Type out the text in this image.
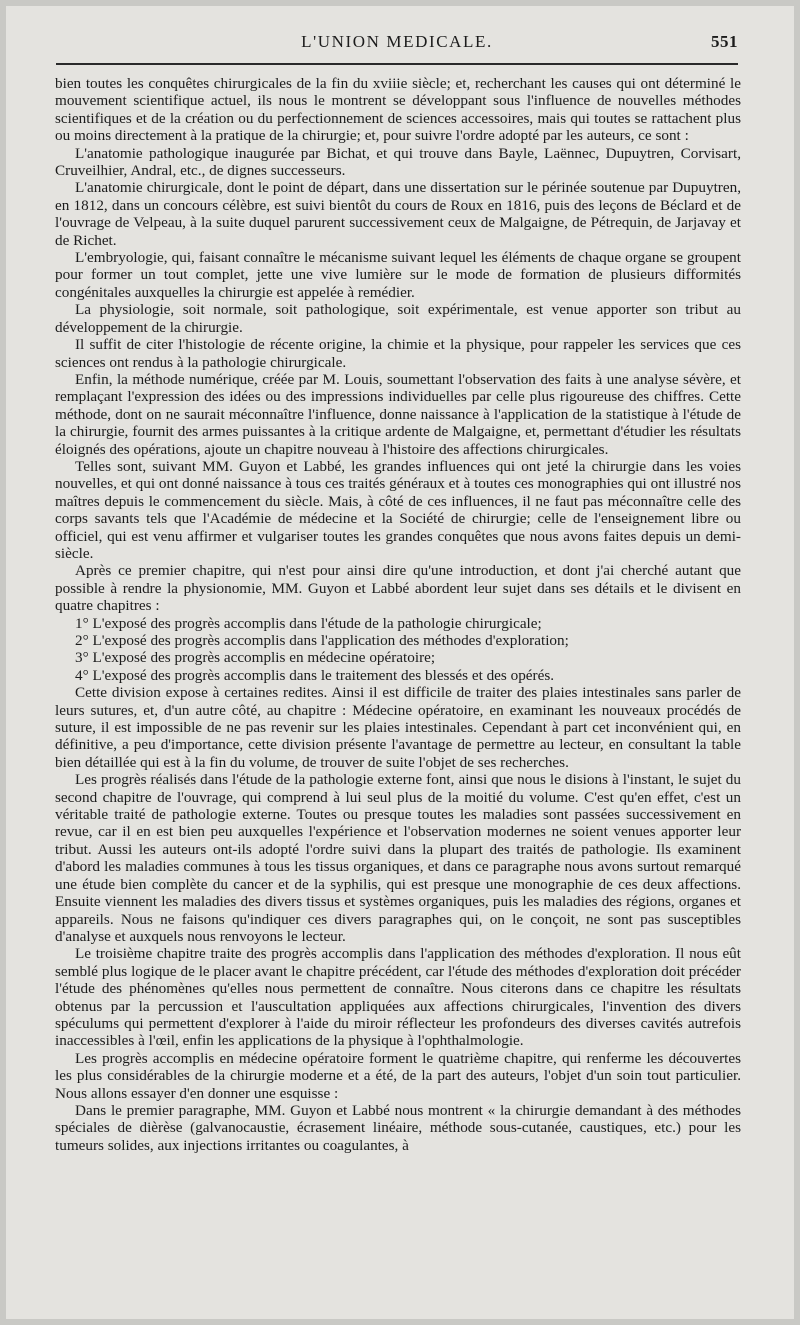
L'UNION MEDICALE.	551

bien toutes les conquêtes chirurgicales de la fin du xviiie siècle; et, recherchant les causes qui ont déterminé le mouvement scientifique actuel, ils nous le montrent se développant sous l'influence de nouvelles méthodes scientifiques et de la création ou du perfectionnement de sciences accessoires, mais qui toutes se rattachent plus ou moins directement à la pratique de la chirurgie; et, pour suivre l'ordre adopté par les auteurs, ce sont :

L'anatomie pathologique inaugurée par Bichat, et qui trouve dans Bayle, Laënnec, Dupuytren, Corvisart, Cruveilhier, Andral, etc., de dignes successeurs.

L'anatomie chirurgicale, dont le point de départ, dans une dissertation sur le périnée soutenue par Dupuytren, en 1812, dans un concours célèbre, est suivi bientôt du cours de Roux en 1816, puis des leçons de Béclard et de l'ouvrage de Velpeau, à la suite duquel parurent successivement ceux de Malgaigne, de Pétrequin, de Jarjavay et de Richet.

L'embryologie, qui, faisant connaître le mécanisme suivant lequel les éléments de chaque organe se groupent pour former un tout complet, jette une vive lumière sur le mode de formation de plusieurs difformités congénitales auxquelles la chirurgie est appelée à remédier.

La physiologie, soit normale, soit pathologique, soit expérimentale, est venue apporter son tribut au développement de la chirurgie.

Il suffit de citer l'histologie de récente origine, la chimie et la physique, pour rappeler les services que ces sciences ont rendus à la pathologie chirurgicale.

Enfin, la méthode numérique, créée par M. Louis, soumettant l'observation des faits à une analyse sévère, et remplaçant l'expression des idées ou des impressions individuelles par celle plus rigoureuse des chiffres. Cette méthode, dont on ne saurait méconnaître l'influence, donne naissance à l'application de la statistique à l'étude de la chirurgie, fournit des armes puissantes à la critique ardente de Malgaigne, et, permettant d'étudier les résultats éloignés des opérations, ajoute un chapitre nouveau à l'histoire des affections chirurgicales.

Telles sont, suivant MM. Guyon et Labbé, les grandes influences qui ont jeté la chirurgie dans les voies nouvelles, et qui ont donné naissance à tous ces traités généraux et à toutes ces monographies qui ont illustré nos maîtres depuis le commencement du siècle. Mais, à côté de ces influences, il ne faut pas méconnaître celle des corps savants tels que l'Académie de médecine et la Société de chirurgie; celle de l'enseignement libre ou officiel, qui est venu affirmer et vulgariser toutes les grandes conquêtes que nous avons faites depuis un demi-siècle.

Après ce premier chapitre, qui n'est pour ainsi dire qu'une introduction, et dont j'ai cherché autant que possible à rendre la physionomie, MM. Guyon et Labbé abordent leur sujet dans ses détails et le divisent en quatre chapitres :

1° L'exposé des progrès accomplis dans l'étude de la pathologie chirurgicale;

2° L'exposé des progrès accomplis dans l'application des méthodes d'exploration;

3° L'exposé des progrès accomplis en médecine opératoire;

4° L'exposé des progrès accomplis dans le traitement des blessés et des opérés.

Cette division expose à certaines redites. Ainsi il est difficile de traiter des plaies intestinales sans parler de leurs sutures, et, d'un autre côté, au chapitre : Médecine opératoire, en examinant les nouveaux procédés de suture, il est impossible de ne pas revenir sur les plaies intestinales. Cependant à part cet inconvénient qui, en définitive, a peu d'importance, cette division présente l'avantage de permettre au lecteur, en consultant la table bien détaillée qui est à la fin du volume, de trouver de suite l'objet de ses recherches.

Les progrès réalisés dans l'étude de la pathologie externe font, ainsi que nous le disions à l'instant, le sujet du second chapitre de l'ouvrage, qui comprend à lui seul plus de la moitié du volume. C'est qu'en effet, c'est un véritable traité de pathologie externe. Toutes ou presque toutes les maladies sont passées successivement en revue, car il en est bien peu auxquelles l'expérience et l'observation modernes ne soient venues apporter leur tribut. Aussi les auteurs ont-ils adopté l'ordre suivi dans la plupart des traités de pathologie. Ils examinent d'abord les maladies communes à tous les tissus organiques, et dans ce paragraphe nous avons surtout remarqué une étude bien complète du cancer et de la syphilis, qui est presque une monographie de ces deux affections. Ensuite viennent les maladies des divers tissus et systèmes organiques, puis les maladies des régions, organes et appareils. Nous ne faisons qu'indiquer ces divers paragraphes qui, on le conçoit, ne sont pas susceptibles d'analyse et auxquels nous renvoyons le lecteur.

Le troisième chapitre traite des progrès accomplis dans l'application des méthodes d'exploration. Il nous eût semblé plus logique de le placer avant le chapitre précédent, car l'étude des méthodes d'exploration doit précéder l'étude des phénomènes qu'elles nous permettent de connaître. Nous citerons dans ce chapitre les résultats obtenus par la percussion et l'auscultation appliquées aux affections chirurgicales, l'invention des divers spéculums qui permettent d'explorer à l'aide du miroir réflecteur les profondeurs des diverses cavités autrefois inaccessibles à l'œil, enfin les applications de la physique à l'ophthalmologie.

Les progrès accomplis en médecine opératoire forment le quatrième chapitre, qui renferme les découvertes les plus considérables de la chirurgie moderne et a été, de la part des auteurs, l'objet d'un soin tout particulier. Nous allons essayer d'en donner une esquisse :

Dans le premier paragraphe, MM. Guyon et Labbé nous montrent « la chirurgie demandant à des méthodes spéciales de dièrèse (galvanocaustie, écrasement linéaire, méthode sous-cutanée, caustiques, etc.) pour les tumeurs solides, aux injections irritantes ou coagulantes, à
